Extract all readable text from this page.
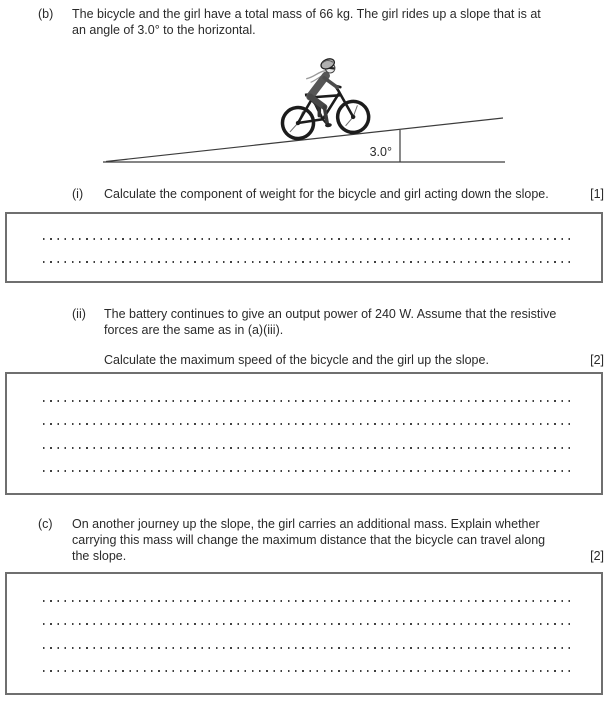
(b) The bicycle and the girl have a total mass of 66 kg. The girl rides up a slope that is at
an angle of 3.0° to the horizontal.
3.0°
(i) Calculate the component of weight for the bicycle and girl acting down the slope.	[1]
(ii) The battery continues to give an output power of 240 W. Assume that the resistive
forces are the same as in (a)(iii).
Calculate the maximum speed of the bicycle and the girl up the slope.	[2]
(c) On another journey up the slope, the girl carries an additional mass. Explain whether
carrying this mass will change the maximum distance that the bicycle can travel along
the slope.	[2]
